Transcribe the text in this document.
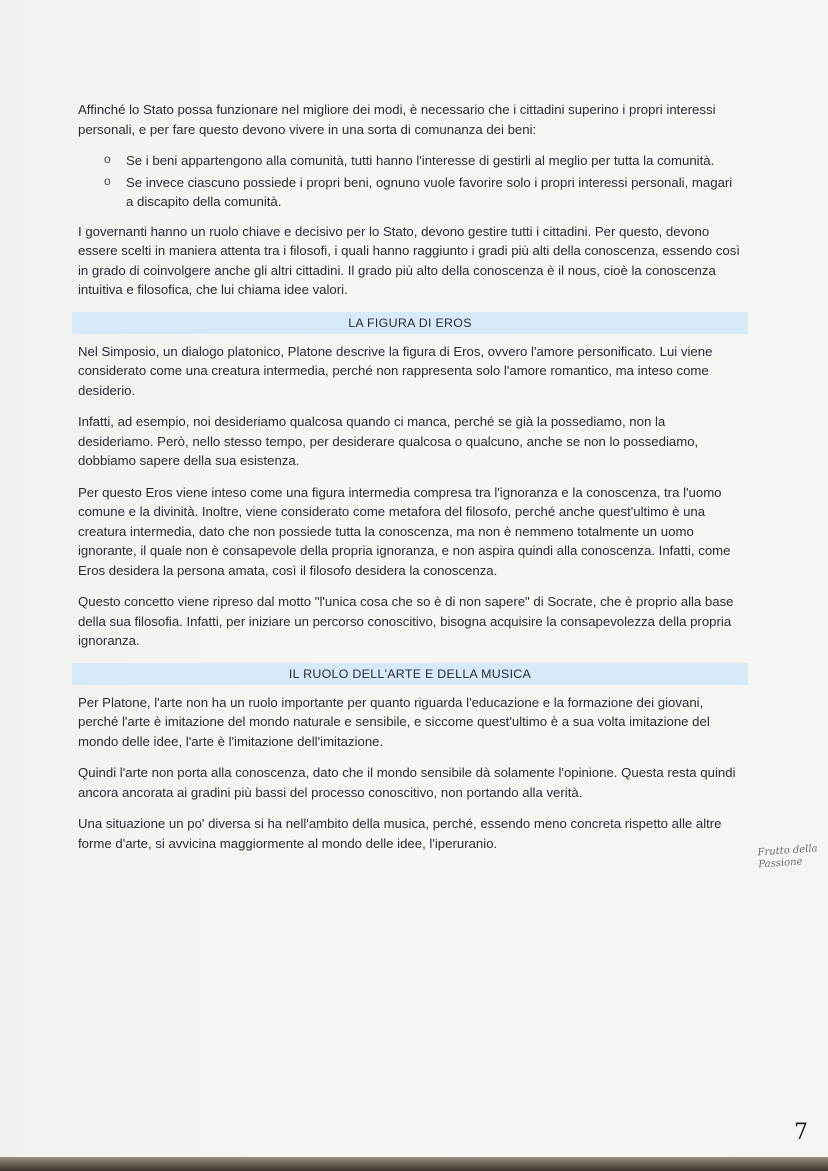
Affinché lo Stato possa funzionare nel migliore dei modi, è necessario che i cittadini superino i propri interessi personali, e per fare questo devono vivere in una sorta di comunanza dei beni:

o Se i beni appartengono alla comunità, tutti hanno l'interesse di gestirli al meglio per tutta la comunità.
o Se invece ciascuno possiede i propri beni, ognuno vuole favorire solo i propri interessi personali, magari a discapito della comunità.

I governanti hanno un ruolo chiave e decisivo per lo Stato, devono gestire tutti i cittadini. Per questo, devono essere scelti in maniera attenta tra i filosofi, i quali hanno raggiunto i gradi più alti della conoscenza, essendo così in grado di coinvolgere anche gli altri cittadini. Il grado più alto della conoscenza è il nous, cioè la conoscenza intuitiva e filosofica, che lui chiama idee valori.

LA FIGURA DI EROS

Nel Simposio, un dialogo platonico, Platone descrive la figura di Eros, ovvero l'amore personificato. Lui viene considerato come una creatura intermedia, perché non rappresenta solo l'amore romantico, ma inteso come desiderio.

Infatti, ad esempio, noi desideriamo qualcosa quando ci manca, perché se già la possediamo, non la desideriamo. Però, nello stesso tempo, per desiderare qualcosa o qualcuno, anche se non lo possediamo, dobbiamo sapere della sua esistenza.

Per questo Eros viene inteso come una figura intermedia compresa tra l'ignoranza e la conoscenza, tra l'uomo comune e la divinità. Inoltre, viene considerato come metafora del filosofo, perché anche quest'ultimo è una creatura intermedia, dato che non possiede tutta la conoscenza, ma non è nemmeno totalmente un uomo ignorante, il quale non è consapevole della propria ignoranza, e non aspira quindi alla conoscenza. Infatti, come Eros desidera la persona amata, così il filosofo desidera la conoscenza.

Questo concetto viene ripreso dal motto "l'unica cosa che so è di non sapere" di Socrate, che è proprio alla base della sua filosofia. Infatti, per iniziare un percorso conoscitivo, bisogna acquisire la consapevolezza della propria ignoranza.

IL RUOLO DELL'ARTE E DELLA MUSICA

Per Platone, l'arte non ha un ruolo importante per quanto riguarda l'educazione e la formazione dei giovani, perché l'arte è imitazione del mondo naturale e sensibile, e siccome quest'ultimo è a sua volta imitazione del mondo delle idee, l'arte è l'imitazione dell'imitazione.

Quindi l'arte non porta alla conoscenza, dato che il mondo sensibile dà solamente l'opinione. Questa resta quindi ancora ancorata ai gradini più bassi del processo conoscitivo, non portando alla verità.

Una situazione un po' diversa si ha nell'ambito della musica, perché, essendo meno concreta rispetto alle altre forme d'arte, si avvicina maggiormente al mondo delle idee, l'iperuranio.

Frutto della Passione
7
